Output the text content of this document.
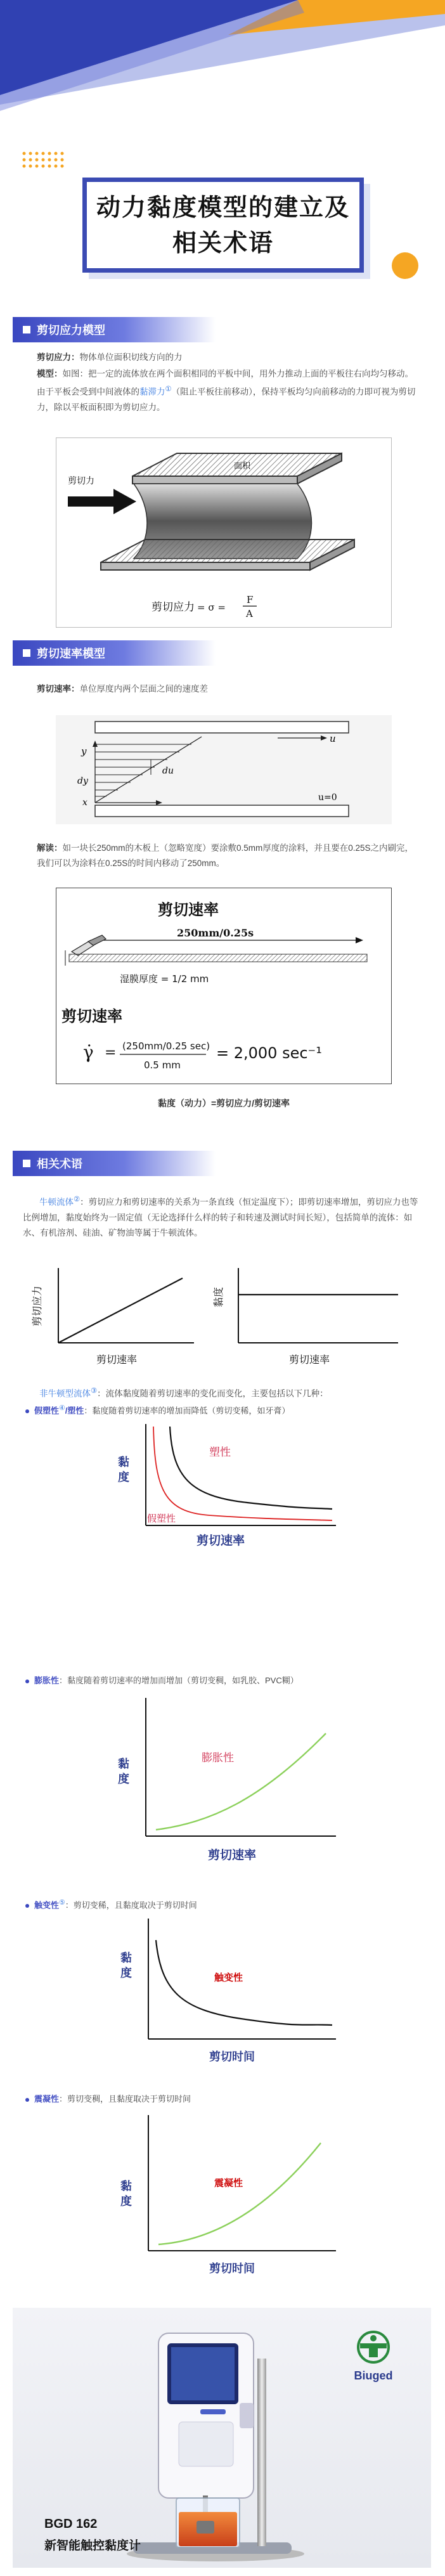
动力黏度模型的建立及
相关术语
剪切应力模型
剪切应力：物体单位面积切线方向的力
模型：如图：把一定的流体放在两个面积相同的平板中间，用外力推动上面的平板往右向均匀移动。由于平板会受到中间液体的黏滞力①（阻止平板往前移动），保持平板均匀向前移动的力即可视为剪切力，除以平板面积即为剪切应力。
剪切力
面积
剪切应力 = σ =
F
A
剪切速率模型
剪切速率：单位厚度内两个层面之间的速度差
y
u
dy
du
x	u=0
解读：如一块长250mm的木板上（忽略宽度）要涂敷0.5mm厚度的涂料，并且要在0.25S之内刷完，我们可以为涂料在0.25S的时间内移动了250mm。
剪切速率
250mm/0.25s
湿膜厚度 = 1/2 mm
剪切速率
γ̇ = (250mm/0.25 sec)
0.5 mm
= 2,000 sec⁻¹
黏度（动力）=剪切应力/剪切速率
相关术语
牛顿流体②：剪切应力和剪切速率的关系为一条直线（恒定温度下）；即剪切速率增加，剪切应力也等比例增加，黏度始终为一固定值（无论选择什么样的转子和转速及测试时间长短），包括简单的流体：如水、有机溶剂、硅油、矿物油等属于牛顿流体。
剪切应力
剪切速率
黏度
剪切速率
非牛顿型流体③：流体黏度随着剪切速率的变化而变化，主要包括以下几种：
假塑性④/塑性：黏度随着剪切速率的增加而降低（剪切变稀，如牙膏）
塑性
假塑性
黏
度
剪切速率
膨胀性：黏度随着剪切速率的增加而增加（剪切变稠，如乳胶、PVC糊）
膨胀性
黏
度
剪切速率
触变性⑤：剪切变稀，且黏度取决于剪切时间
触变性
黏
度
剪切时间
震凝性：剪切变稠，且黏度取决于剪切时间
震凝性
黏
度
剪切时间
Biuged
BGD 162
新智能触控黏度计
